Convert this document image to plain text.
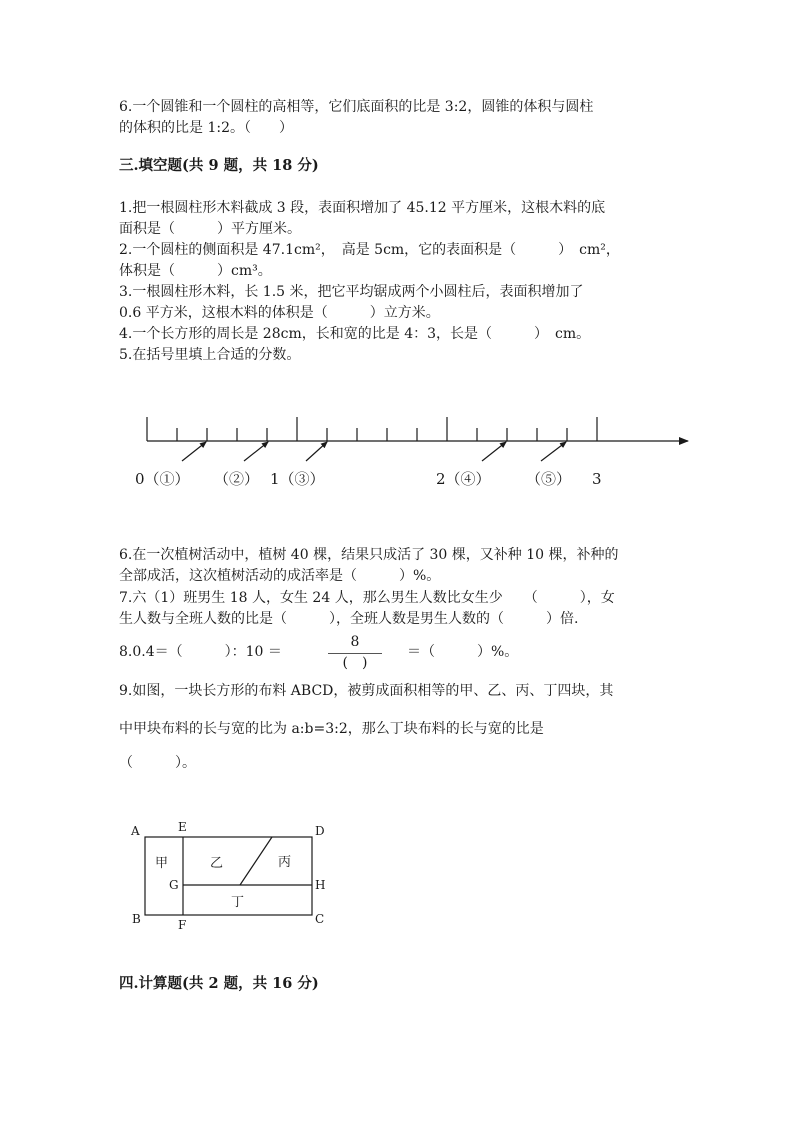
6.一个圆锥和一个圆柱的高相等，它们底面积的比是 3:2，圆锥的体积与圆柱
的体积的比是 1:2。（　　）
三.填空题(共 9 题，共 18 分)
1.把一根圆柱形木料截成 3 段，表面积增加了 45.12 平方厘米，这根木料的底
面积是（　　　）平方厘米。
2.一个圆柱的侧面积是 47.1cm²，　高是 5cm，它的表面积是（　　　）　cm²，
体积是（　　　）cm³。
3.一根圆柱形木料，长 1.5 米，把它平均锯成两个小圆柱后，表面积增加了
0.6 平方米，这根木料的体积是（　　　）立方米。
4.一个长方形的周长是 28cm，长和宽的比是 4：3，长是（　　　）　cm。
5.在括号里填上合适的分数。
0（①） （②） 1（③）	2（④） （⑤） 3
6.在一次植树活动中，植树 40 棵，结果只成活了 30 棵，又补种 10 棵，补种的
全部成活，这次植树活动的成活率是（　　　）%。
7.六（1）班男生 18 人，女生 24 人，那么男生人数比女生少　　（　　　），女
生人数与全班人数的比是（　　　），全班人数是男生人数的（　　　）倍.
8.0.4＝（　　　）：10 ＝
8
(　)
＝（　　　）%。
9.如图，一块长方形的布料 ABCD，被剪成面积相等的甲、乙、丙、丁四块，其
中甲块布料的长与宽的比为 a:b=3:2，那么丁块布料的长与宽的比是
（　　　）。
A	E	D
B	F	C
G	H
甲	乙	丙
丁
四.计算题(共 2 题，共 16 分)
